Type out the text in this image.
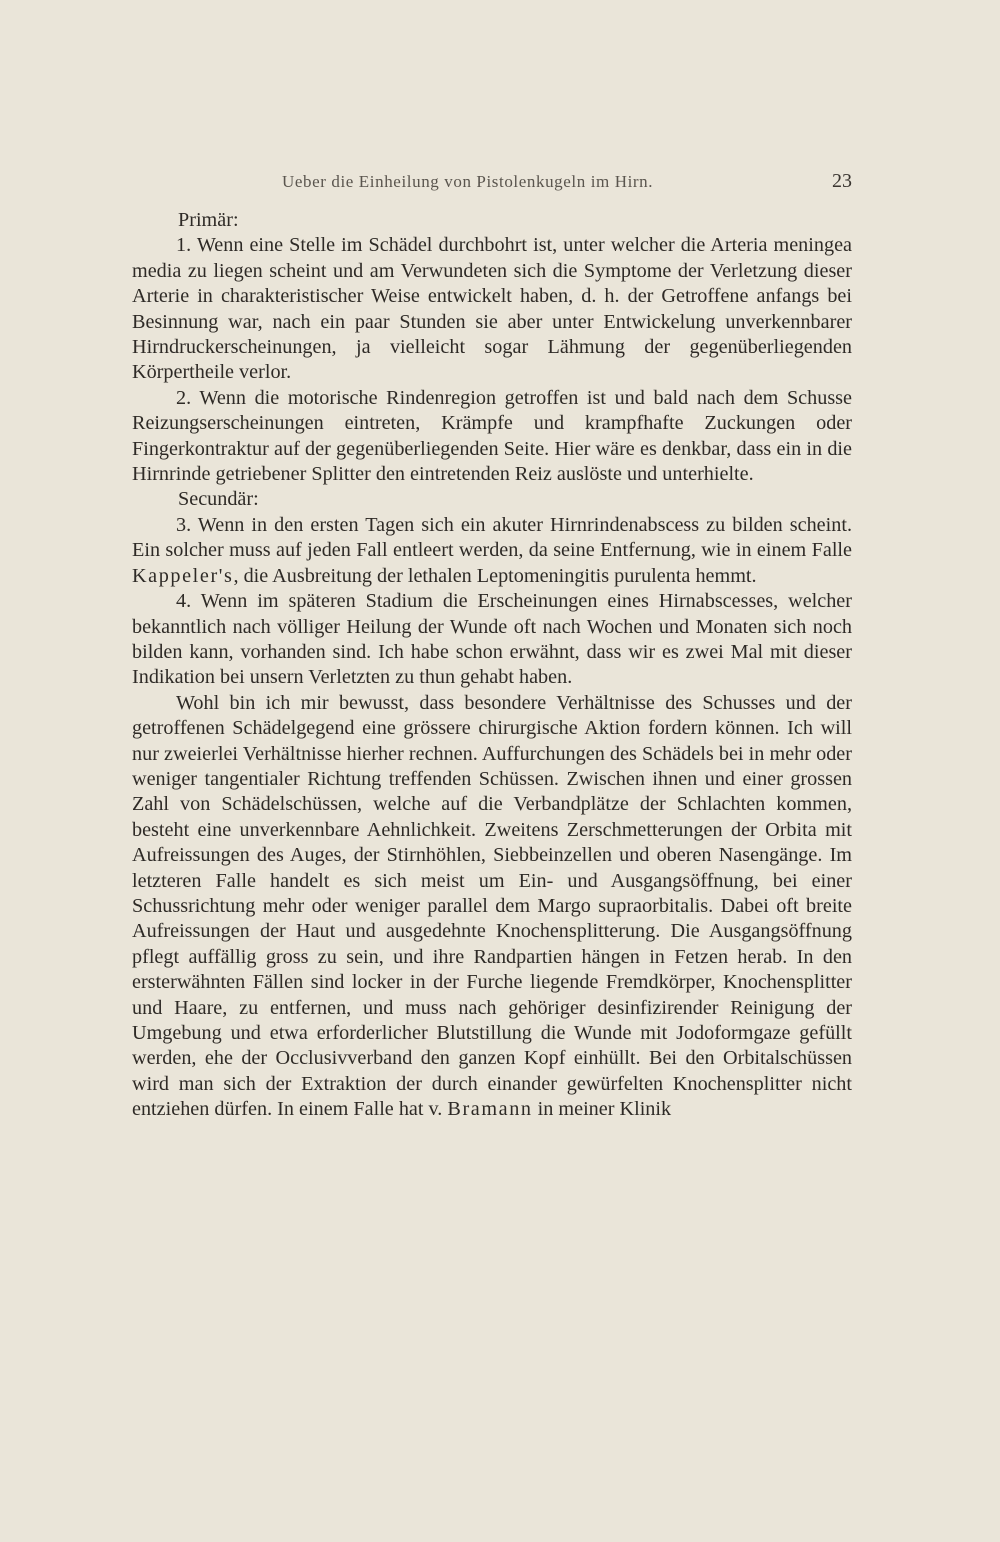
Ueber die Einheilung von Pistolenkugeln im Hirn.	23

Primär:

1. Wenn eine Stelle im Schädel durchbohrt ist, unter welcher die Arteria meningea media zu liegen scheint und am Verwundeten sich die Symptome der Verletzung dieser Arterie in charakteristischer Weise entwickelt haben, d. h. der Getroffene anfangs bei Besinnung war, nach ein paar Stunden sie aber unter Entwickelung unverkennbarer Hirndruckerscheinungen, ja vielleicht sogar Lähmung der gegenüberliegenden Körpertheile verlor.

2. Wenn die motorische Rindenregion getroffen ist und bald nach dem Schusse Reizungserscheinungen eintreten, Krämpfe und krampfhafte Zuckungen oder Fingerkontraktur auf der gegenüberliegenden Seite. Hier wäre es denkbar, dass ein in die Hirnrinde getriebener Splitter den eintretenden Reiz auslöste und unterhielte.

Secundär:

3. Wenn in den ersten Tagen sich ein akuter Hirnrindenabscess zu bilden scheint. Ein solcher muss auf jeden Fall entleert werden, da seine Entfernung, wie in einem Falle Kappeler's, die Ausbreitung der lethalen Leptomeningitis purulenta hemmt.

4. Wenn im späteren Stadium die Erscheinungen eines Hirnabscesses, welcher bekanntlich nach völliger Heilung der Wunde oft nach Wochen und Monaten sich noch bilden kann, vorhanden sind. Ich habe schon erwähnt, dass wir es zwei Mal mit dieser Indikation bei unsern Verletzten zu thun gehabt haben.

Wohl bin ich mir bewusst, dass besondere Verhältnisse des Schusses und der getroffenen Schädelgegend eine grössere chirurgische Aktion fordern können. Ich will nur zweierlei Verhältnisse hierher rechnen. Auffurchungen des Schädels bei in mehr oder weniger tangentialer Richtung treffenden Schüssen. Zwischen ihnen und einer grossen Zahl von Schädelschüssen, welche auf die Verbandplätze der Schlachten kommen, besteht eine unverkennbare Aehnlichkeit. Zweitens Zerschmetterungen der Orbita mit Aufreissungen des Auges, der Stirnhöhlen, Siebbeinzellen und oberen Nasengänge. Im letzteren Falle handelt es sich meist um Ein- und Ausgangsöffnung, bei einer Schussrichtung mehr oder weniger parallel dem Margo supraorbitalis. Dabei oft breite Aufreissungen der Haut und ausgedehnte Knochensplitterung. Die Ausgangsöffnung pflegt auffällig gross zu sein, und ihre Randpartien hängen in Fetzen herab. In den ersterwähnten Fällen sind locker in der Furche liegende Fremdkörper, Knochensplitter und Haare, zu entfernen, und muss nach gehöriger desinfizirender Reinigung der Umgebung und etwa erforderlicher Blutstillung die Wunde mit Jodoformgaze gefüllt werden, ehe der Occlusivverband den ganzen Kopf einhüllt. Bei den Orbitalschüssen wird man sich der Extraktion der durch einander gewürfelten Knochensplitter nicht entziehen dürfen. In einem Falle hat v. Bramann in meiner Klinik
